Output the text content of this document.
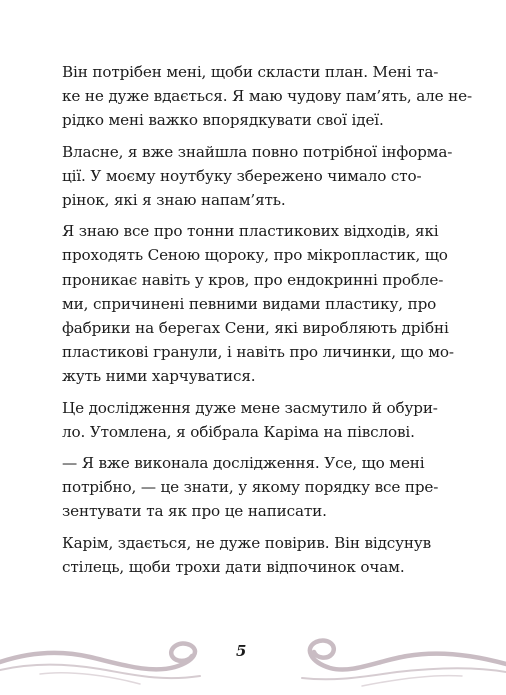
Він потрібен мені, щоби скласти план. Мені та-
ке не дуже вдається. Я маю чудову пам’ять, але не-
рідко мені важко впорядкувати свої ідеї.
Власне, я вже знайшла повно потрібної інформа-
ції. У моєму ноутбуку збережено чимало сто-
рінок, які я знаю напам’ять.
Я знаю все про тонни пластикових відходів, які
проходять Сеною щороку, про мікропластик, що
проникає навіть у кров, про ендокринні пробле-
ми, спричинені певними видами пластику, про
фабрики на берегах Сени, які виробляють дрібні
пластикові гранули, і навіть про личинки, що мо-
жуть ними харчуватися.
Це дослідження дуже мене засмутило й обури-
ло. Утомлена, я обібрала Каріма на півслові.
— Я вже виконала дослідження. Усе, що мені
потрібно, — це знати, у якому порядку все пре-
зентувати та як про це написати.
Карім, здається, не дуже повірив. Він відсунув
стілець, щоби трохи дати відпочинок очам.
5
